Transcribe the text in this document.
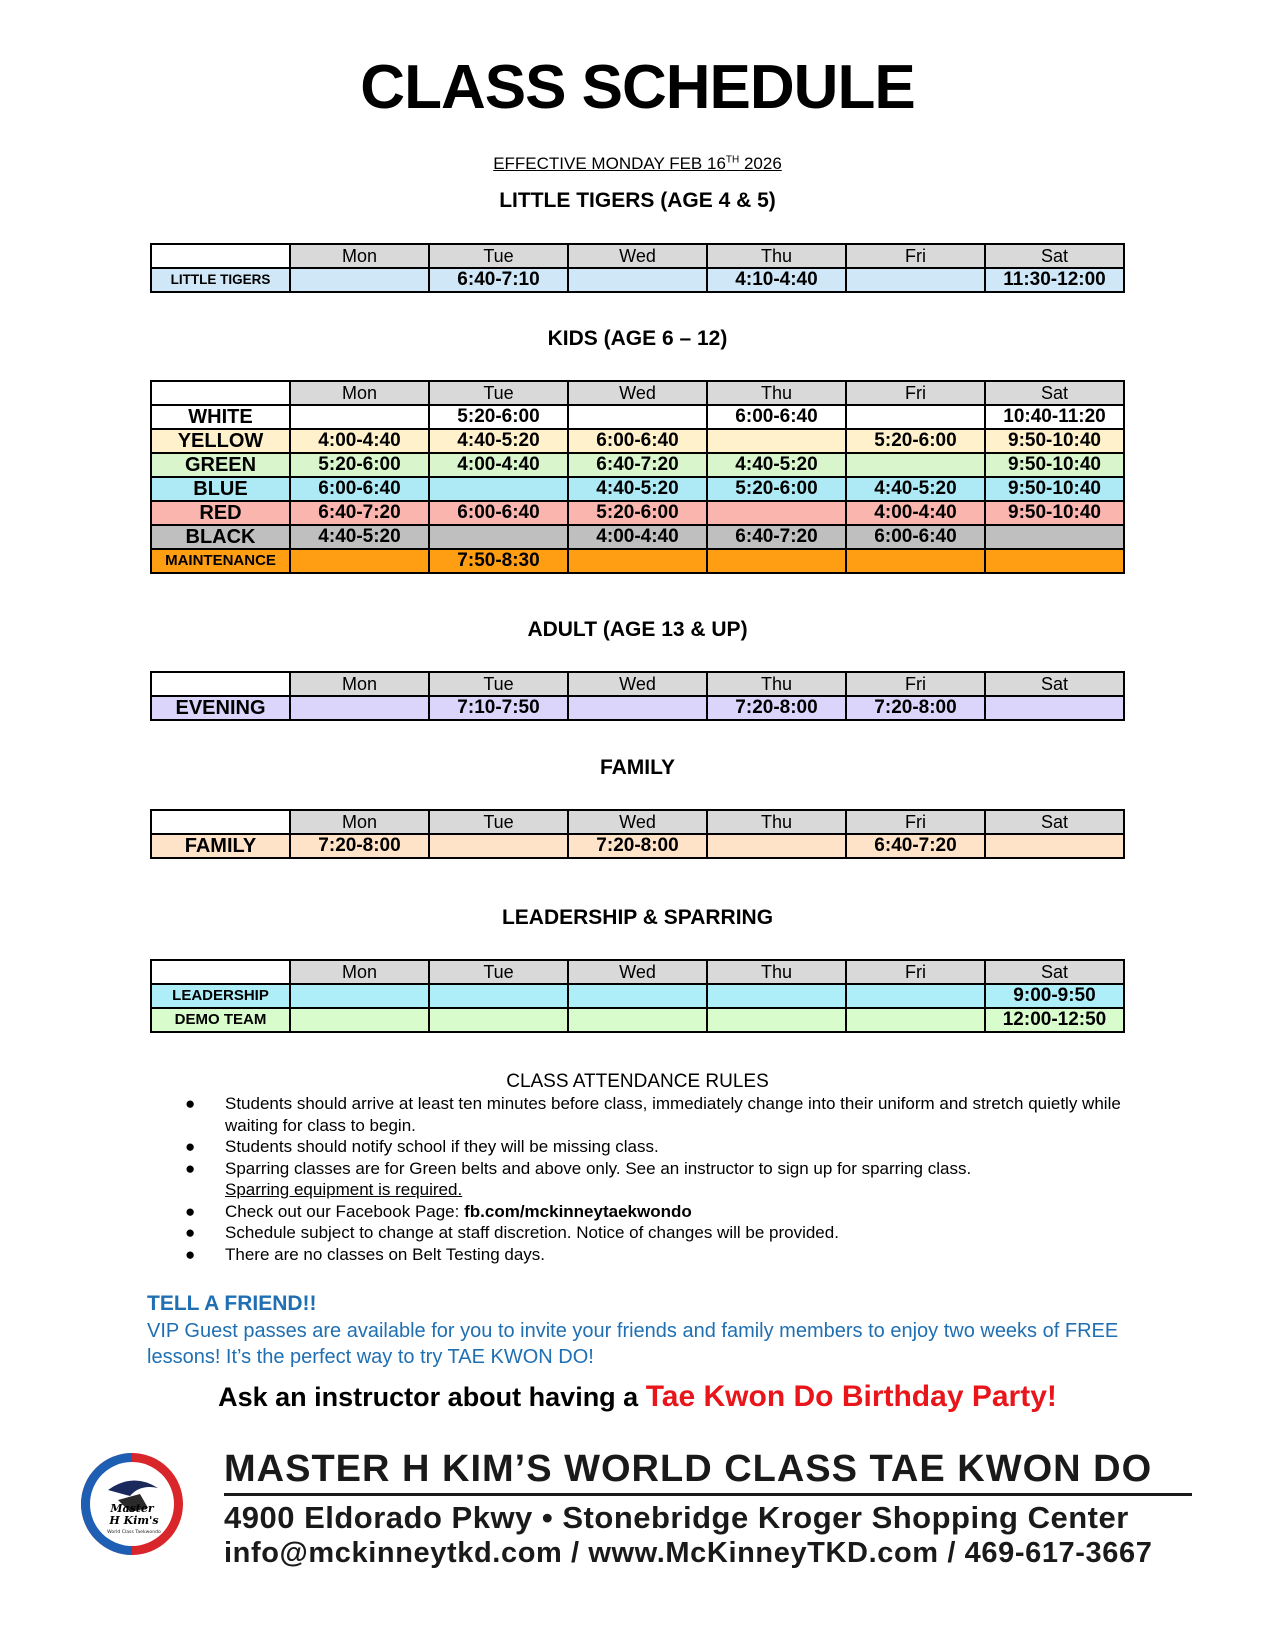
CLASS SCHEDULE
EFFECTIVE MONDAY FEB 16TH 2026
LITTLE TIGERS (AGE 4 & 5)
	Mon	Tue	Wed	Thu	Fri	Sat
LITTLE TIGERS		6:40-7:10		4:10-4:40		11:30-12:00
KIDS (AGE 6 – 12)
	Mon	Tue	Wed	Thu	Fri	Sat
WHITE		5:20-6:00		6:00-6:40		10:40-11:20
YELLOW	4:00-4:40	4:40-5:20	6:00-6:40		5:20-6:00	9:50-10:40
GREEN	5:20-6:00	4:00-4:40	6:40-7:20	4:40-5:20		9:50-10:40
BLUE	6:00-6:40		4:40-5:20	5:20-6:00	4:40-5:20	9:50-10:40
RED	6:40-7:20	6:00-6:40	5:20-6:00		4:00-4:40	9:50-10:40
BLACK	4:40-5:20		4:00-4:40	6:40-7:20	6:00-6:40	
MAINTENANCE		7:50-8:30				
ADULT (AGE 13 & UP)
	Mon	Tue	Wed	Thu	Fri	Sat
EVENING		7:10-7:50		7:20-8:00	7:20-8:00	
FAMILY
	Mon	Tue	Wed	Thu	Fri	Sat
FAMILY	7:20-8:00		7:20-8:00		6:40-7:20	
LEADERSHIP & SPARRING
	Mon	Tue	Wed	Thu	Fri	Sat
LEADERSHIP						9:00-9:50
DEMO TEAM						12:00-12:50
CLASS ATTENDANCE RULES
● Students should arrive at least ten minutes before class, immediately change into their uniform and stretch quietly while waiting for class to begin.
● Students should notify school if they will be missing class.
● Sparring classes are for Green belts and above only. See an instructor to sign up for sparring class.
Sparring equipment is required.
● Check out our Facebook Page: fb.com/mckinneytaekwondo
● Schedule subject to change at staff discretion. Notice of changes will be provided.
● There are no classes on Belt Testing days.
TELL A FRIEND!!
VIP Guest passes are available for you to invite your friends and family members to enjoy two weeks of FREE lessons! It’s the perfect way to try TAE KWON DO!
Ask an instructor about having a Tae Kwon Do Birthday Party!
Master
H Kim's
World Class Taekwondo
MASTER H KIM’S WORLD CLASS TAE KWON DO
4900 Eldorado Pkwy • Stonebridge Kroger Shopping Center
info@mckinneytkd.com / www.McKinneyTKD.com / 469-617-3667
